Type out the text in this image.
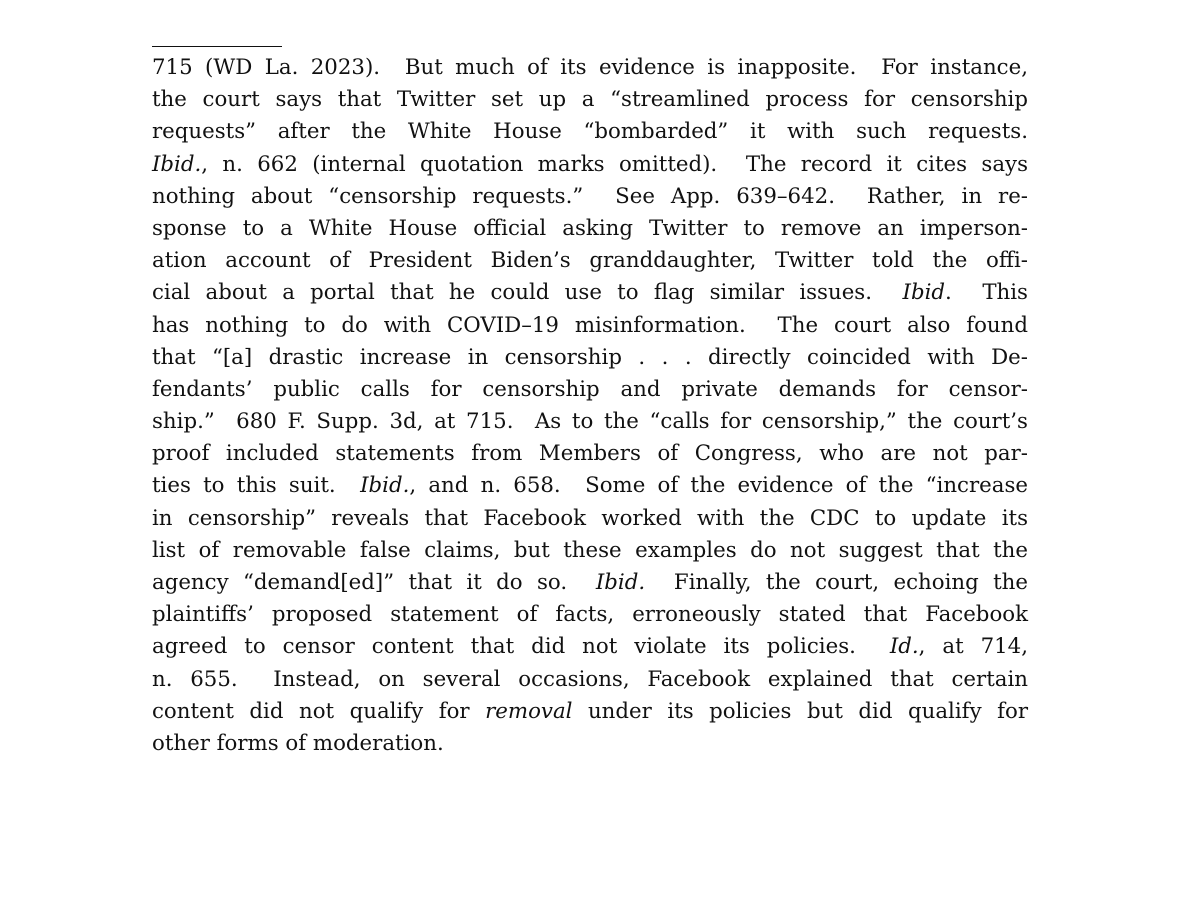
715 (WD La. 2023).  But much of its evidence is inapposite.  For instance,
the court says that Twitter set up a “streamlined process for censorship
requests” after the White House “bombarded” it with such requests.
Ibid., n. 662 (internal quotation marks omitted).  The record it cites says
nothing about “censorship requests.”  See App. 639–642.  Rather, in re-
sponse to a White House official asking Twitter to remove an imperson-
ation account of President Biden’s granddaughter, Twitter told the offi-
cial about a portal that he could use to flag similar issues.  Ibid.  This
has nothing to do with COVID–19 misinformation.  The court also found
that “[a] drastic increase in censorship . . . directly coincided with De-
fendants’ public calls for censorship and private demands for censor-
ship.”  680 F. Supp. 3d, at 715.  As to the “calls for censorship,” the court’s
proof included statements from Members of Congress, who are not par-
ties to this suit.  Ibid., and n. 658.  Some of the evidence of the “increase
in censorship” reveals that Facebook worked with the CDC to update its
list of removable false claims, but these examples do not suggest that the
agency “demand[ed]” that it do so.  Ibid.  Finally, the court, echoing the
plaintiffs’ proposed statement of facts, erroneously stated that Facebook
agreed to censor content that did not violate its policies.  Id., at 714,
n. 655.  Instead, on several occasions, Facebook explained that certain
content did not qualify for removal under its policies but did qualify for
other forms of moderation.
